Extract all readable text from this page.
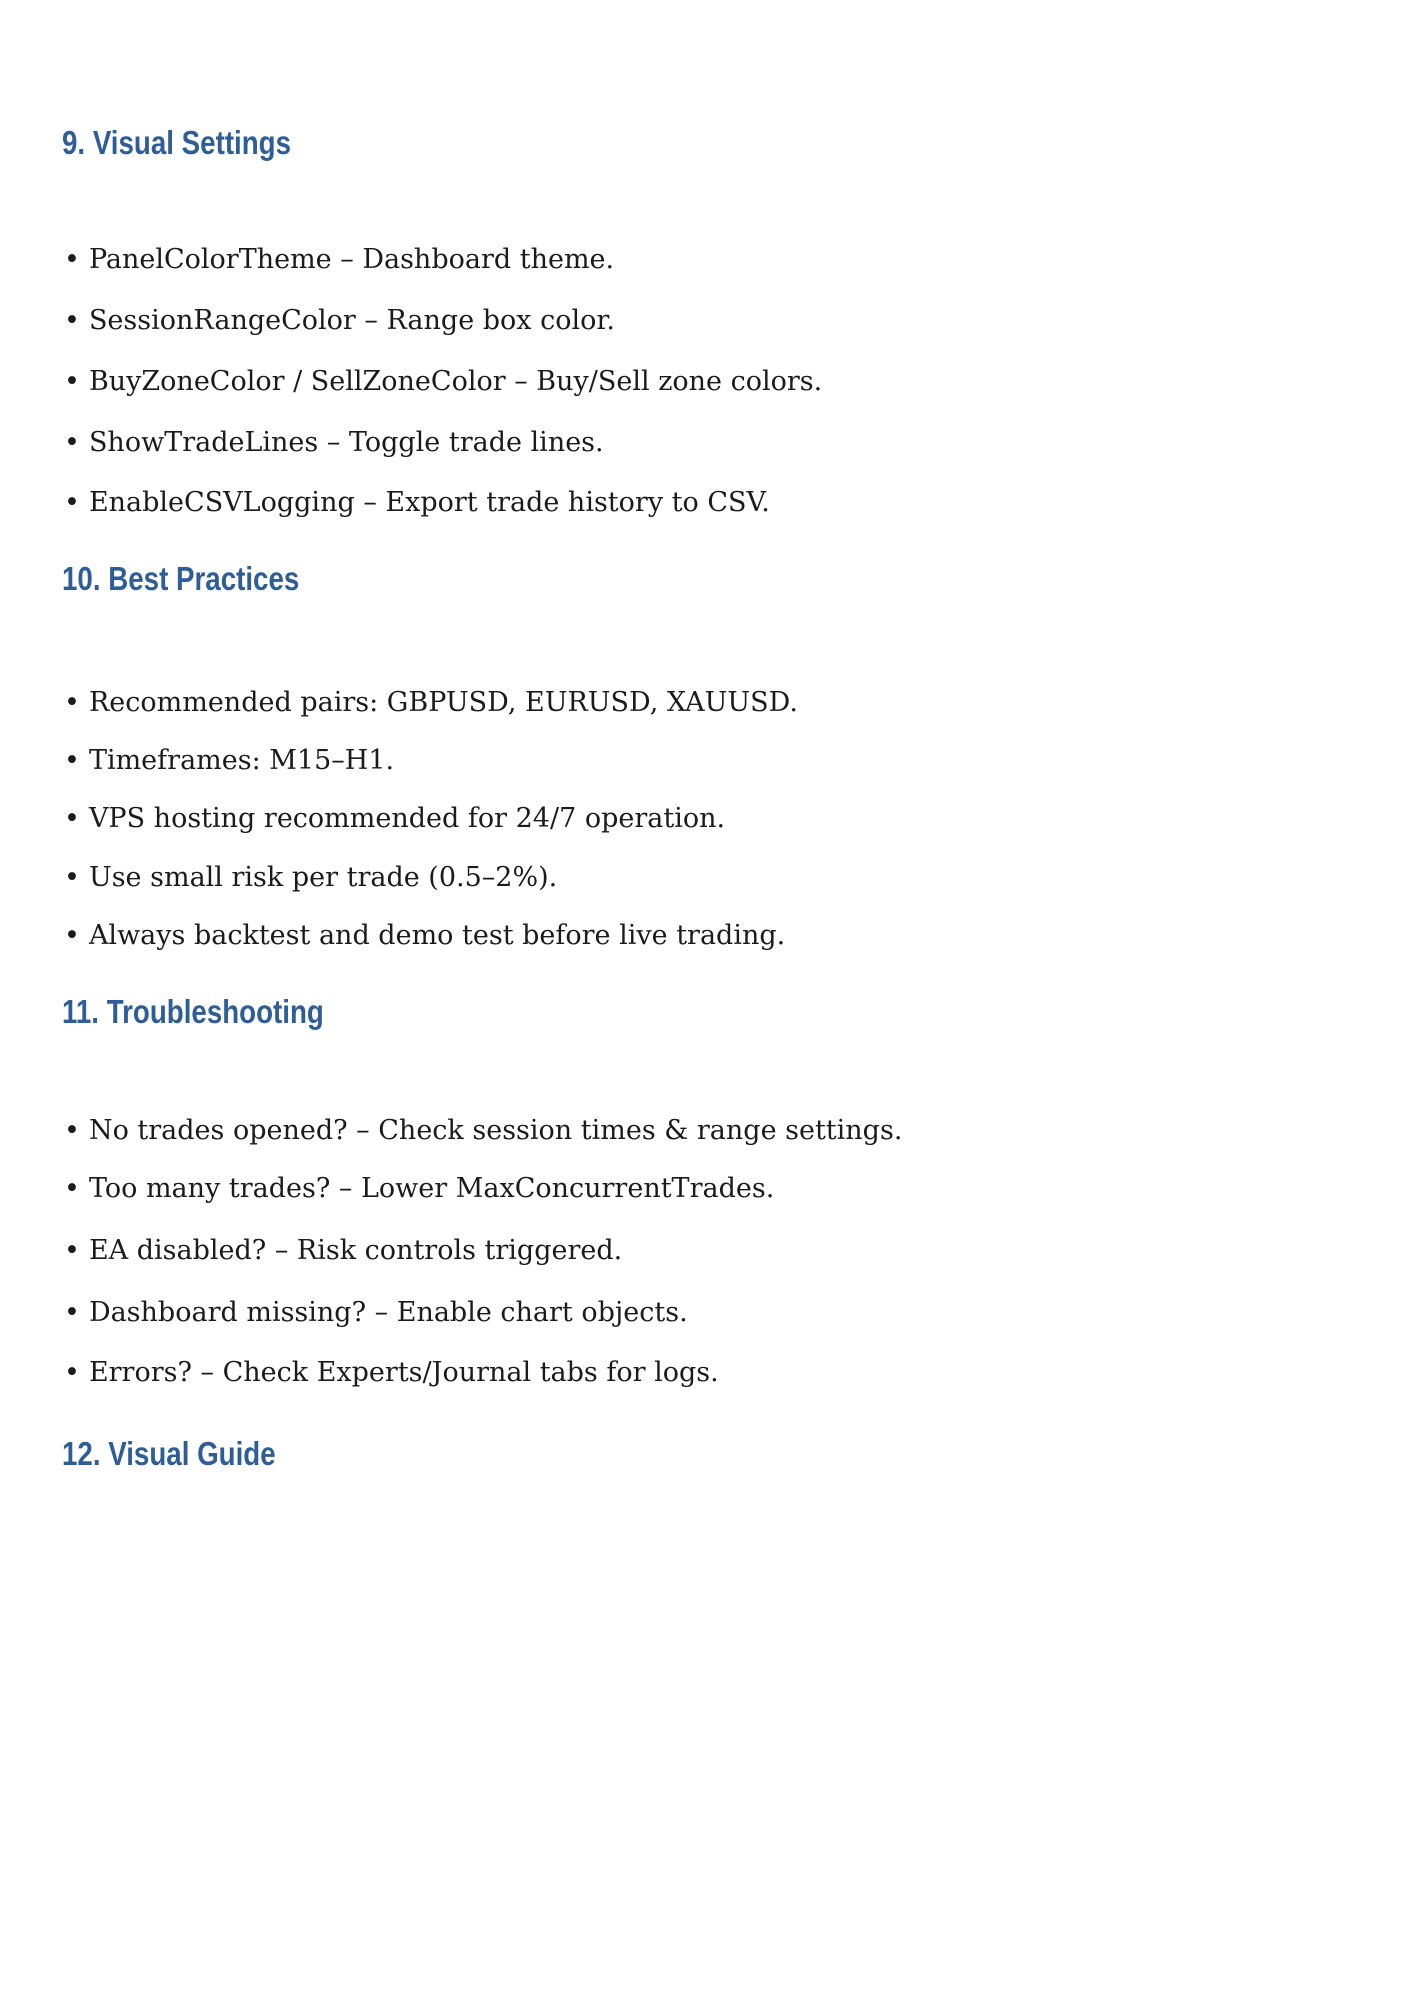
9. Visual Settings

• PanelColorTheme – Dashboard theme.

• SessionRangeColor – Range box color.

• BuyZoneColor / SellZoneColor – Buy/Sell zone colors.

• ShowTradeLines – Toggle trade lines.

• EnableCSVLogging – Export trade history to CSV.

10. Best Practices

• Recommended pairs: GBPUSD, EURUSD, XAUUSD.

• Timeframes: M15–H1.

• VPS hosting recommended for 24/7 operation.

• Use small risk per trade (0.5–2%).

• Always backtest and demo test before live trading.

11. Troubleshooting

• No trades opened? – Check session times & range settings.

• Too many trades? – Lower MaxConcurrentTrades.

• EA disabled? – Risk controls triggered.

• Dashboard missing? – Enable chart objects.

• Errors? – Check Experts/Journal tabs for logs.

12. Visual Guide
